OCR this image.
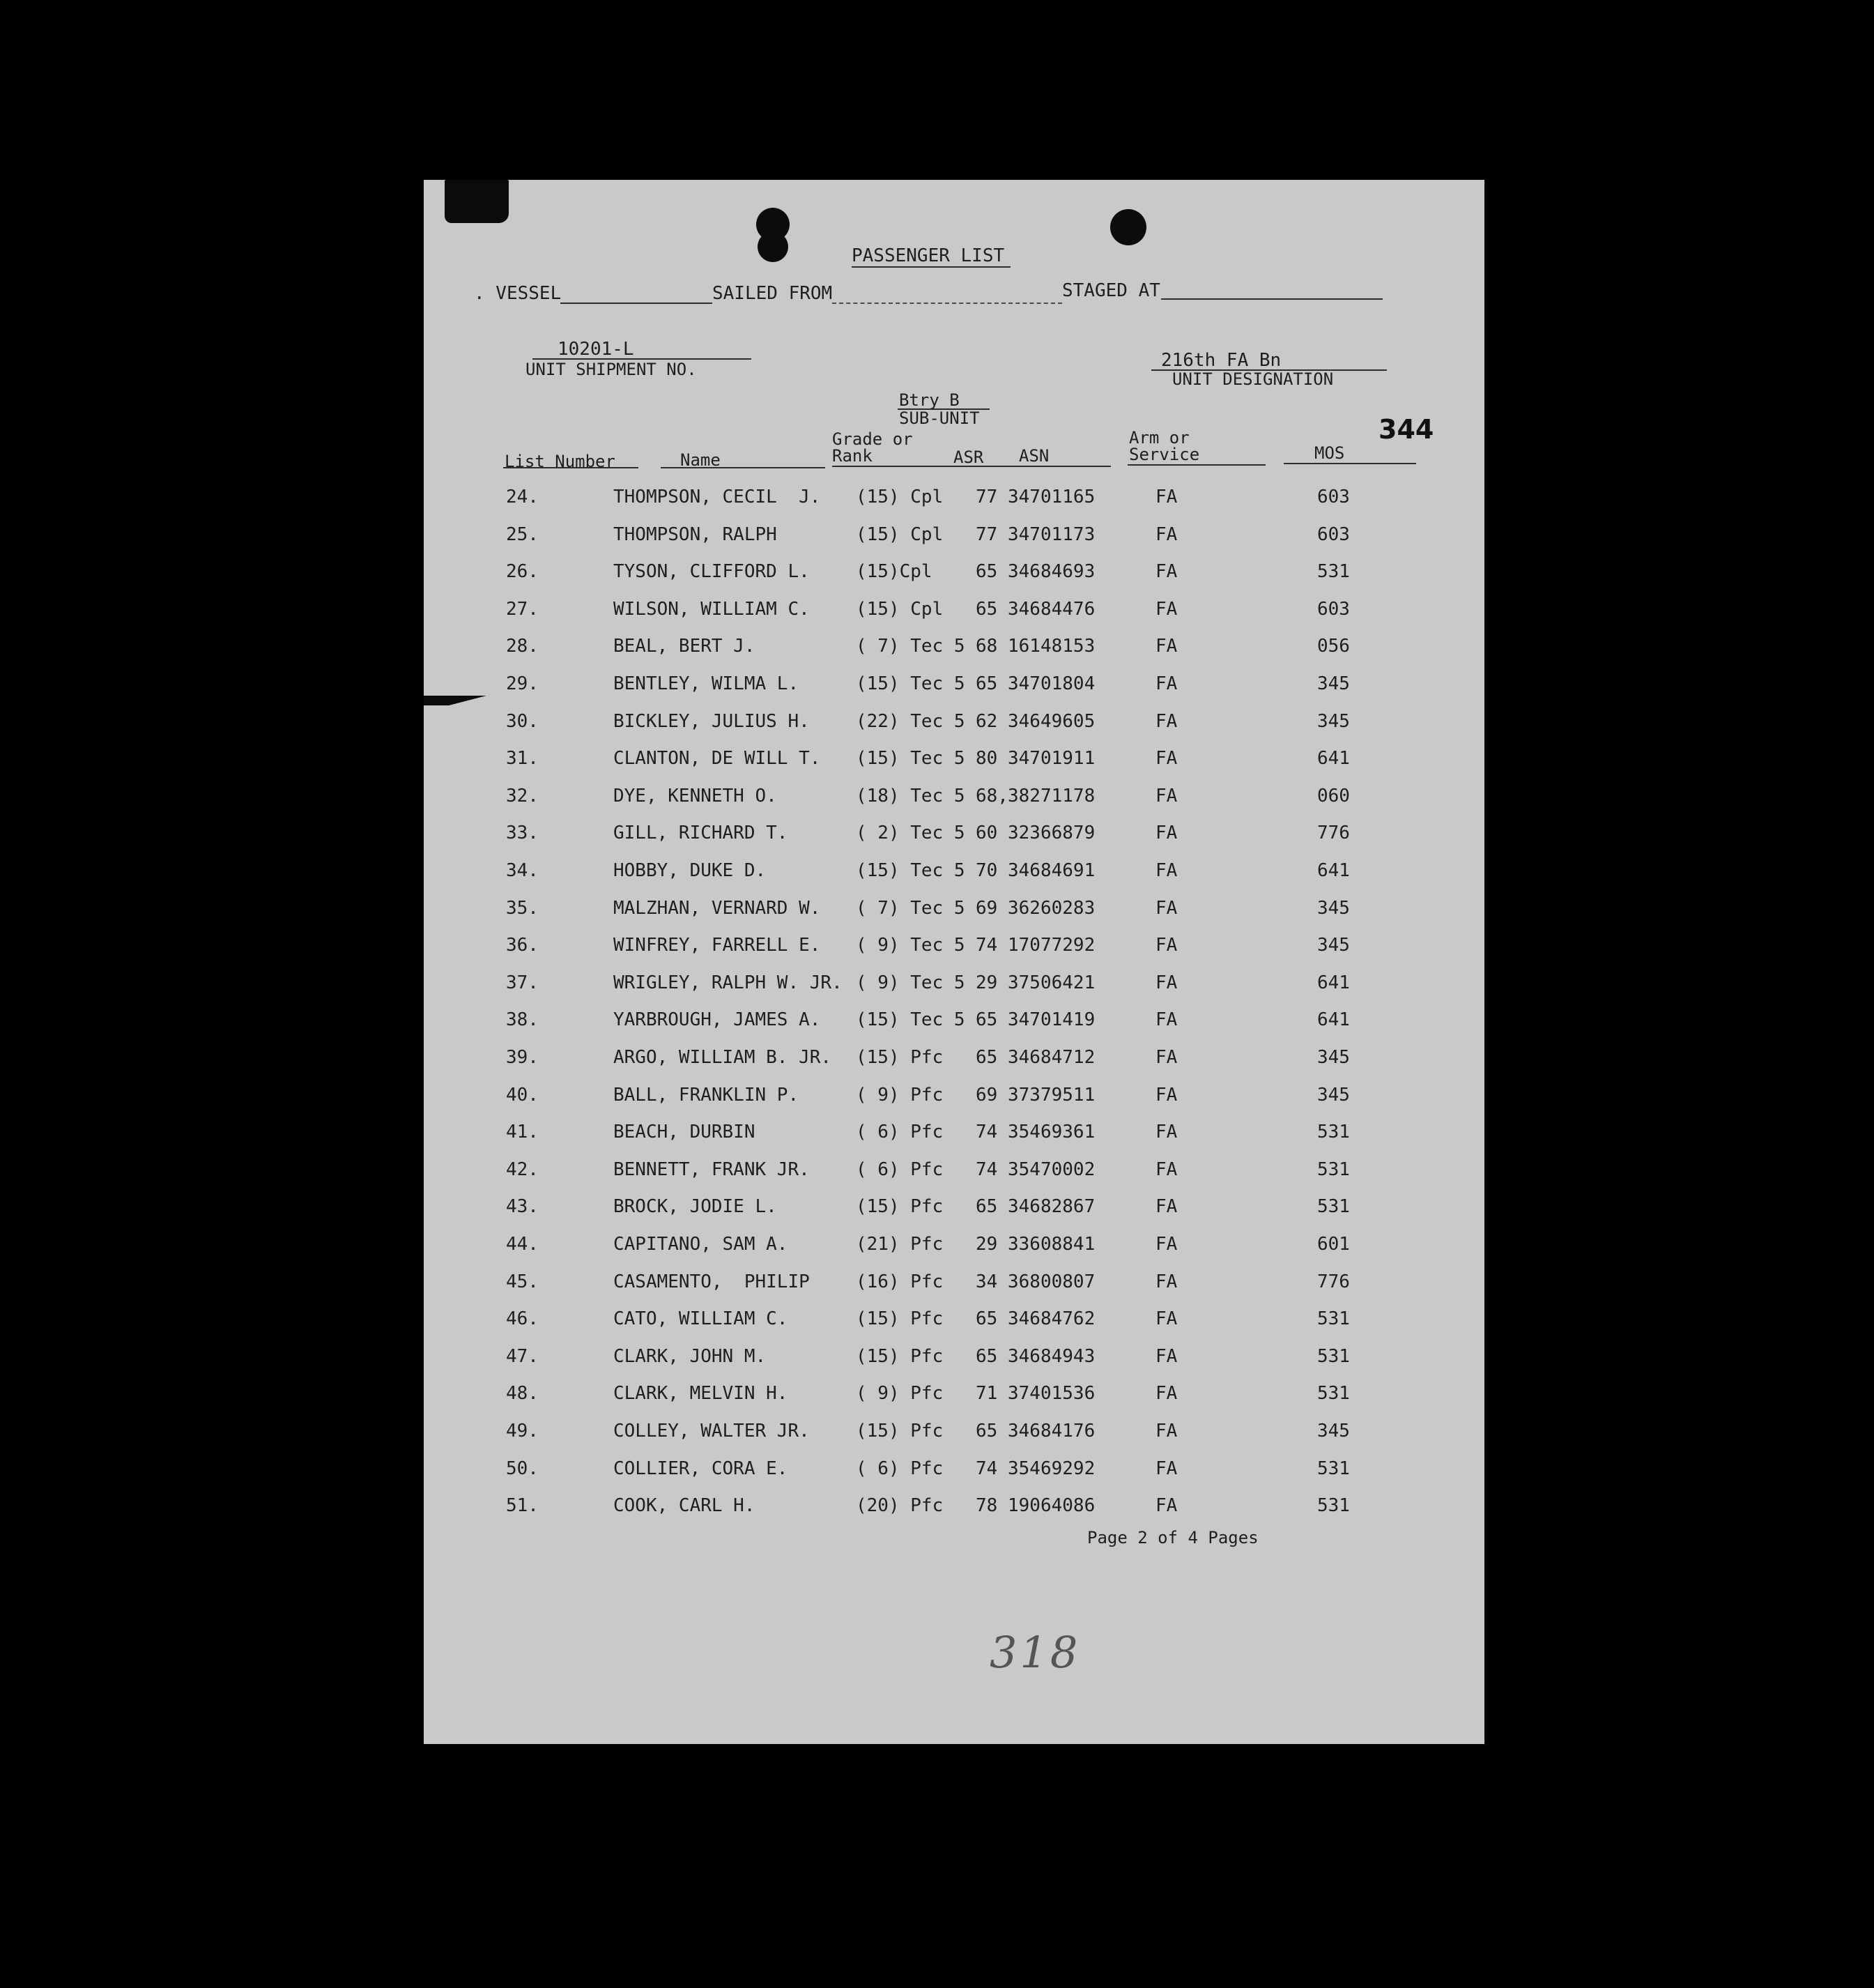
PASSENGER LIST
. VESSEL	SAILED FROM	STAGED AT
10201-L
UNIT SHIPMENT NO.	216th FA Bn
UNIT DESIGNATION
Btry B
SUB-UNIT	344
Grade or
Rank
Arm or
Service
List Number	Name	ASR ASN	MOS
24.	THOMPSON, CECIL  J. (15) Cpl 77 34701165	FA	603
25.	THOMPSON, RALPH	(15) Cpl 77 34701173	FA	603
26.	TYSON, CLIFFORD L.	(15)Cpl 65 34684693	FA	531
27.	WILSON, WILLIAM C.	(15) Cpl 65 34684476	FA	603
28.	BEAL, BERT J.	( 7) Tec 5 68 16148153	FA	056
29.	BENTLEY, WILMA L.	(15) Tec 5 65 34701804	FA	345
30.	BICKLEY, JULIUS H.	(22) Tec 5 62 34649605	FA	345
31.	CLANTON, DE WILL T. (15) Tec 5 80 34701911	FA	641
32.	DYE, KENNETH O.	(18) Tec 5 68, 38271178	FA	060
33.	GILL, RICHARD T.	( 2) Tec 5 60 32366879	FA	776
34.	HOBBY, DUKE D.	(15) Tec 5 70 34684691	FA	641
35.	MALZHAN, VERNARD W. ( 7) Tec 5 69 36260283	FA	345
36.	WINFREY, FARRELL E. ( 9) Tec 5 74 17077292	FA	345
37.	WRIGLEY, RALPH W. JR. ( 9) Tec 5 29 37506421	FA	641
38.	YARBROUGH, JAMES A. (15) Tec 5 65 34701419	FA	641
39.	ARGO, WILLIAM B. JR. (15) Pfc 65 34684712	FA	345
40.	BALL, FRANKLIN P.	( 9) Pfc 69 37379511	FA	345
41.	BEACH, DURBIN	( 6) Pfc 74 35469361	FA	531
42.	BENNETT, FRANK JR.	( 6) Pfc 74 35470002	FA	531
43.	BROCK, JODIE L.	(15) Pfc 65 34682867	FA	531
44.	CAPITANO, SAM A.	(21) Pfc 29 33608841	FA	601
45.	CASAMENTO,  PHILIP	(16) Pfc 34 36800807	FA	776
46.	CATO, WILLIAM C.	(15) Pfc 65 34684762	FA	531
47.	CLARK, JOHN M.	(15) Pfc 65 34684943	FA	531
48.	CLARK, MELVIN H.	( 9) Pfc 71 37401536	FA	531
49.	COLLEY, WALTER JR.	(15) Pfc 65 34684176	FA	345
50.	COLLIER, CORA E.	( 6) Pfc 74 35469292	FA	531
51.	COOK, CARL H.	(20) Pfc 78 19064086	FA	531
Page 2 of 4 Pages
318
